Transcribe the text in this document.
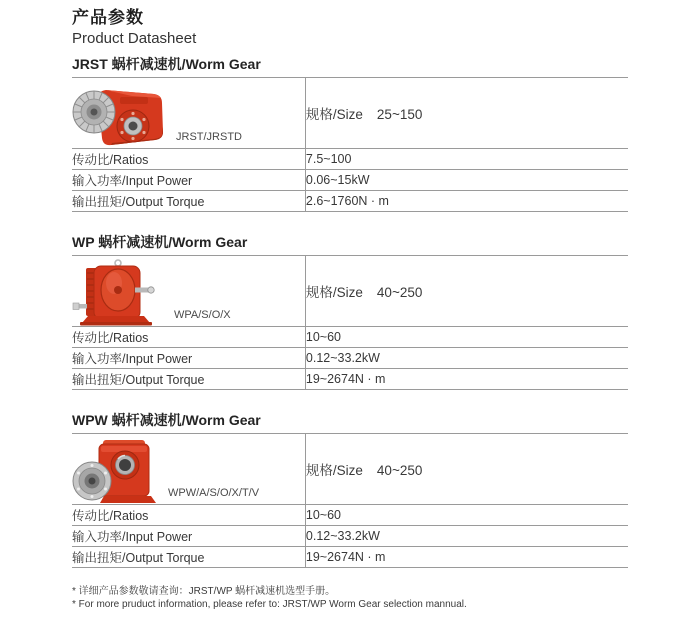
产品参数

Product Datasheet

JRST 蜗杆减速机/Worm Gear
JRST/JRSTD	规格/Size 25~150
传动比/Ratios	7.5~100
输入功率/Input Power	0.06~15kW
输出扭矩/Output Torque	2.6~1760N · m
WP 蜗杆减速机/Worm Gear
WPA/S/O/X	规格/Size 40~250
传动比/Ratios	10~60
输入功率/Input Power	0.12~33.2kW
输出扭矩/Output Torque	19~2674N · m
WPW 蜗杆减速机/Worm Gear
WPW/A/S/O/X/T/V	规格/Size 40~250
传动比/Ratios	10~60
输入功率/Input Power	0.12~33.2kW
输出扭矩/Output Torque	19~2674N · m

* 详细产品参数敬请查询：JRST/WP 蜗杆减速机选型手册。

* For more pruduct information, please refer to: JRST/WP Worm Gear selection mannual.
